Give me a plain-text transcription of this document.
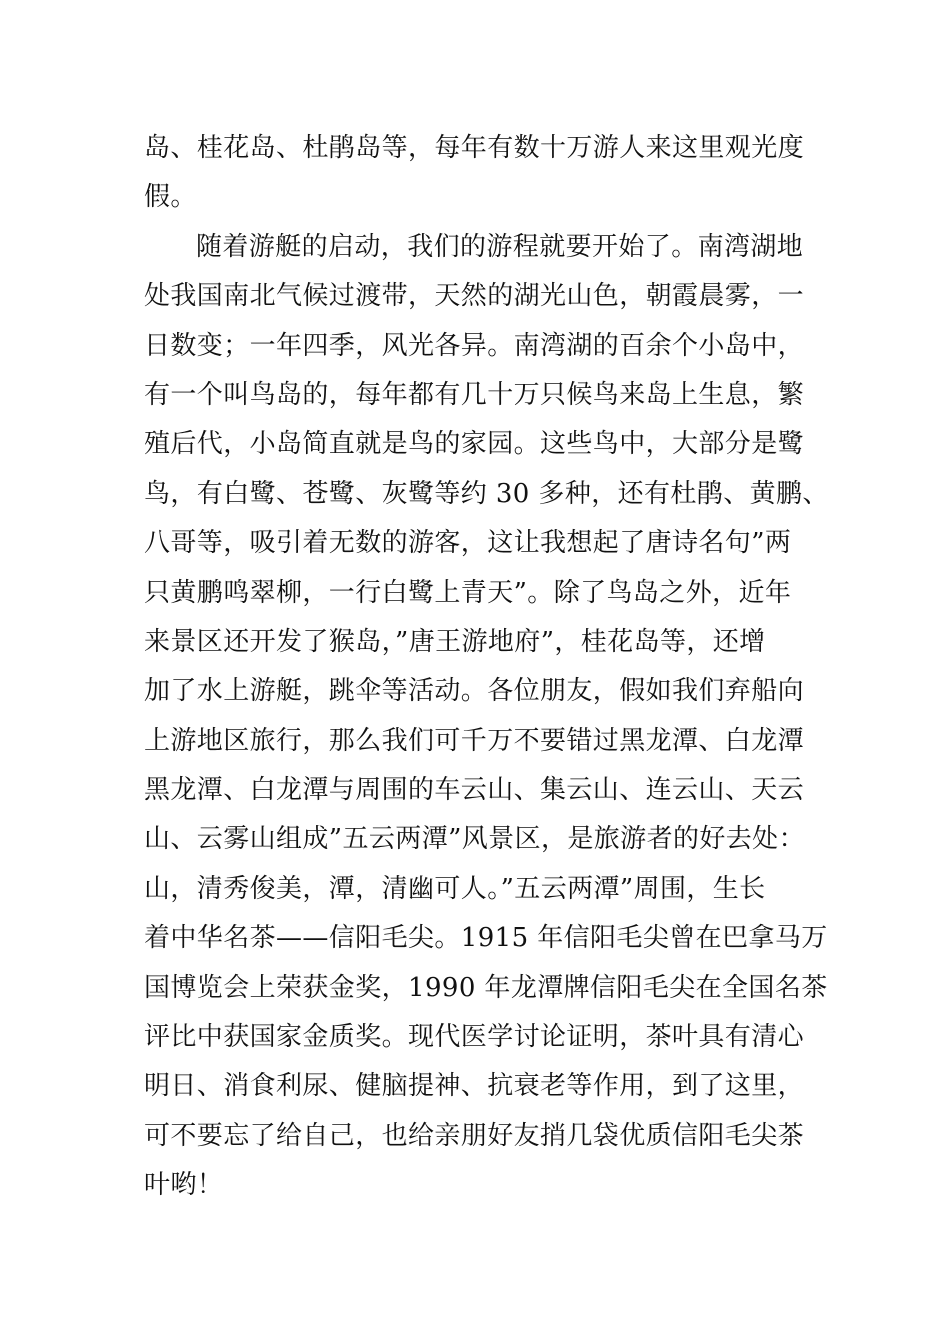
岛、桂花岛、杜鹃岛等，每年有数十万游人来这里观光度
假。
随着游艇的启动，我们的游程就要开始了。南湾湖地
处我国南北气候过渡带，天然的湖光山色，朝霞晨雾，一
日数变；一年四季，风光各异。南湾湖的百余个小岛中，
有一个叫鸟岛的，每年都有几十万只候鸟来岛上生息，繁
殖后代，小岛简直就是鸟的家园。这些鸟中，大部分是鹭
鸟，有白鹭、苍鹭、灰鹭等约 30 多种，还有杜鹃、黄鹏、
八哥等，吸引着无数的游客，这让我想起了唐诗名句”两
只黄鹏鸣翠柳，一行白鹭上青天”。除了鸟岛之外，近年
来景区还开发了猴岛，”唐王游地府”，桂花岛等，还增
加了水上游艇，跳伞等活动。各位朋友，假如我们弃船向
上游地区旅行，那么我们可千万不要错过黑龙潭、白龙潭
黑龙潭、白龙潭与周围的车云山、集云山、连云山、天云
山、云雾山组成”五云两潭”风景区，是旅游者的好去处：
山，清秀俊美，潭，清幽可人。”五云两潭”周围，生长
着中华名茶——信阳毛尖。1915 年信阳毛尖曾在巴拿马万
国博览会上荣获金奖，1990 年龙潭牌信阳毛尖在全国名茶
评比中获国家金质奖。现代医学讨论证明，茶叶具有清心
明日、消食利尿、健脑提神、抗衰老等作用，到了这里，
可不要忘了给自己，也给亲朋好友捎几袋优质信阳毛尖茶
叶哟！
